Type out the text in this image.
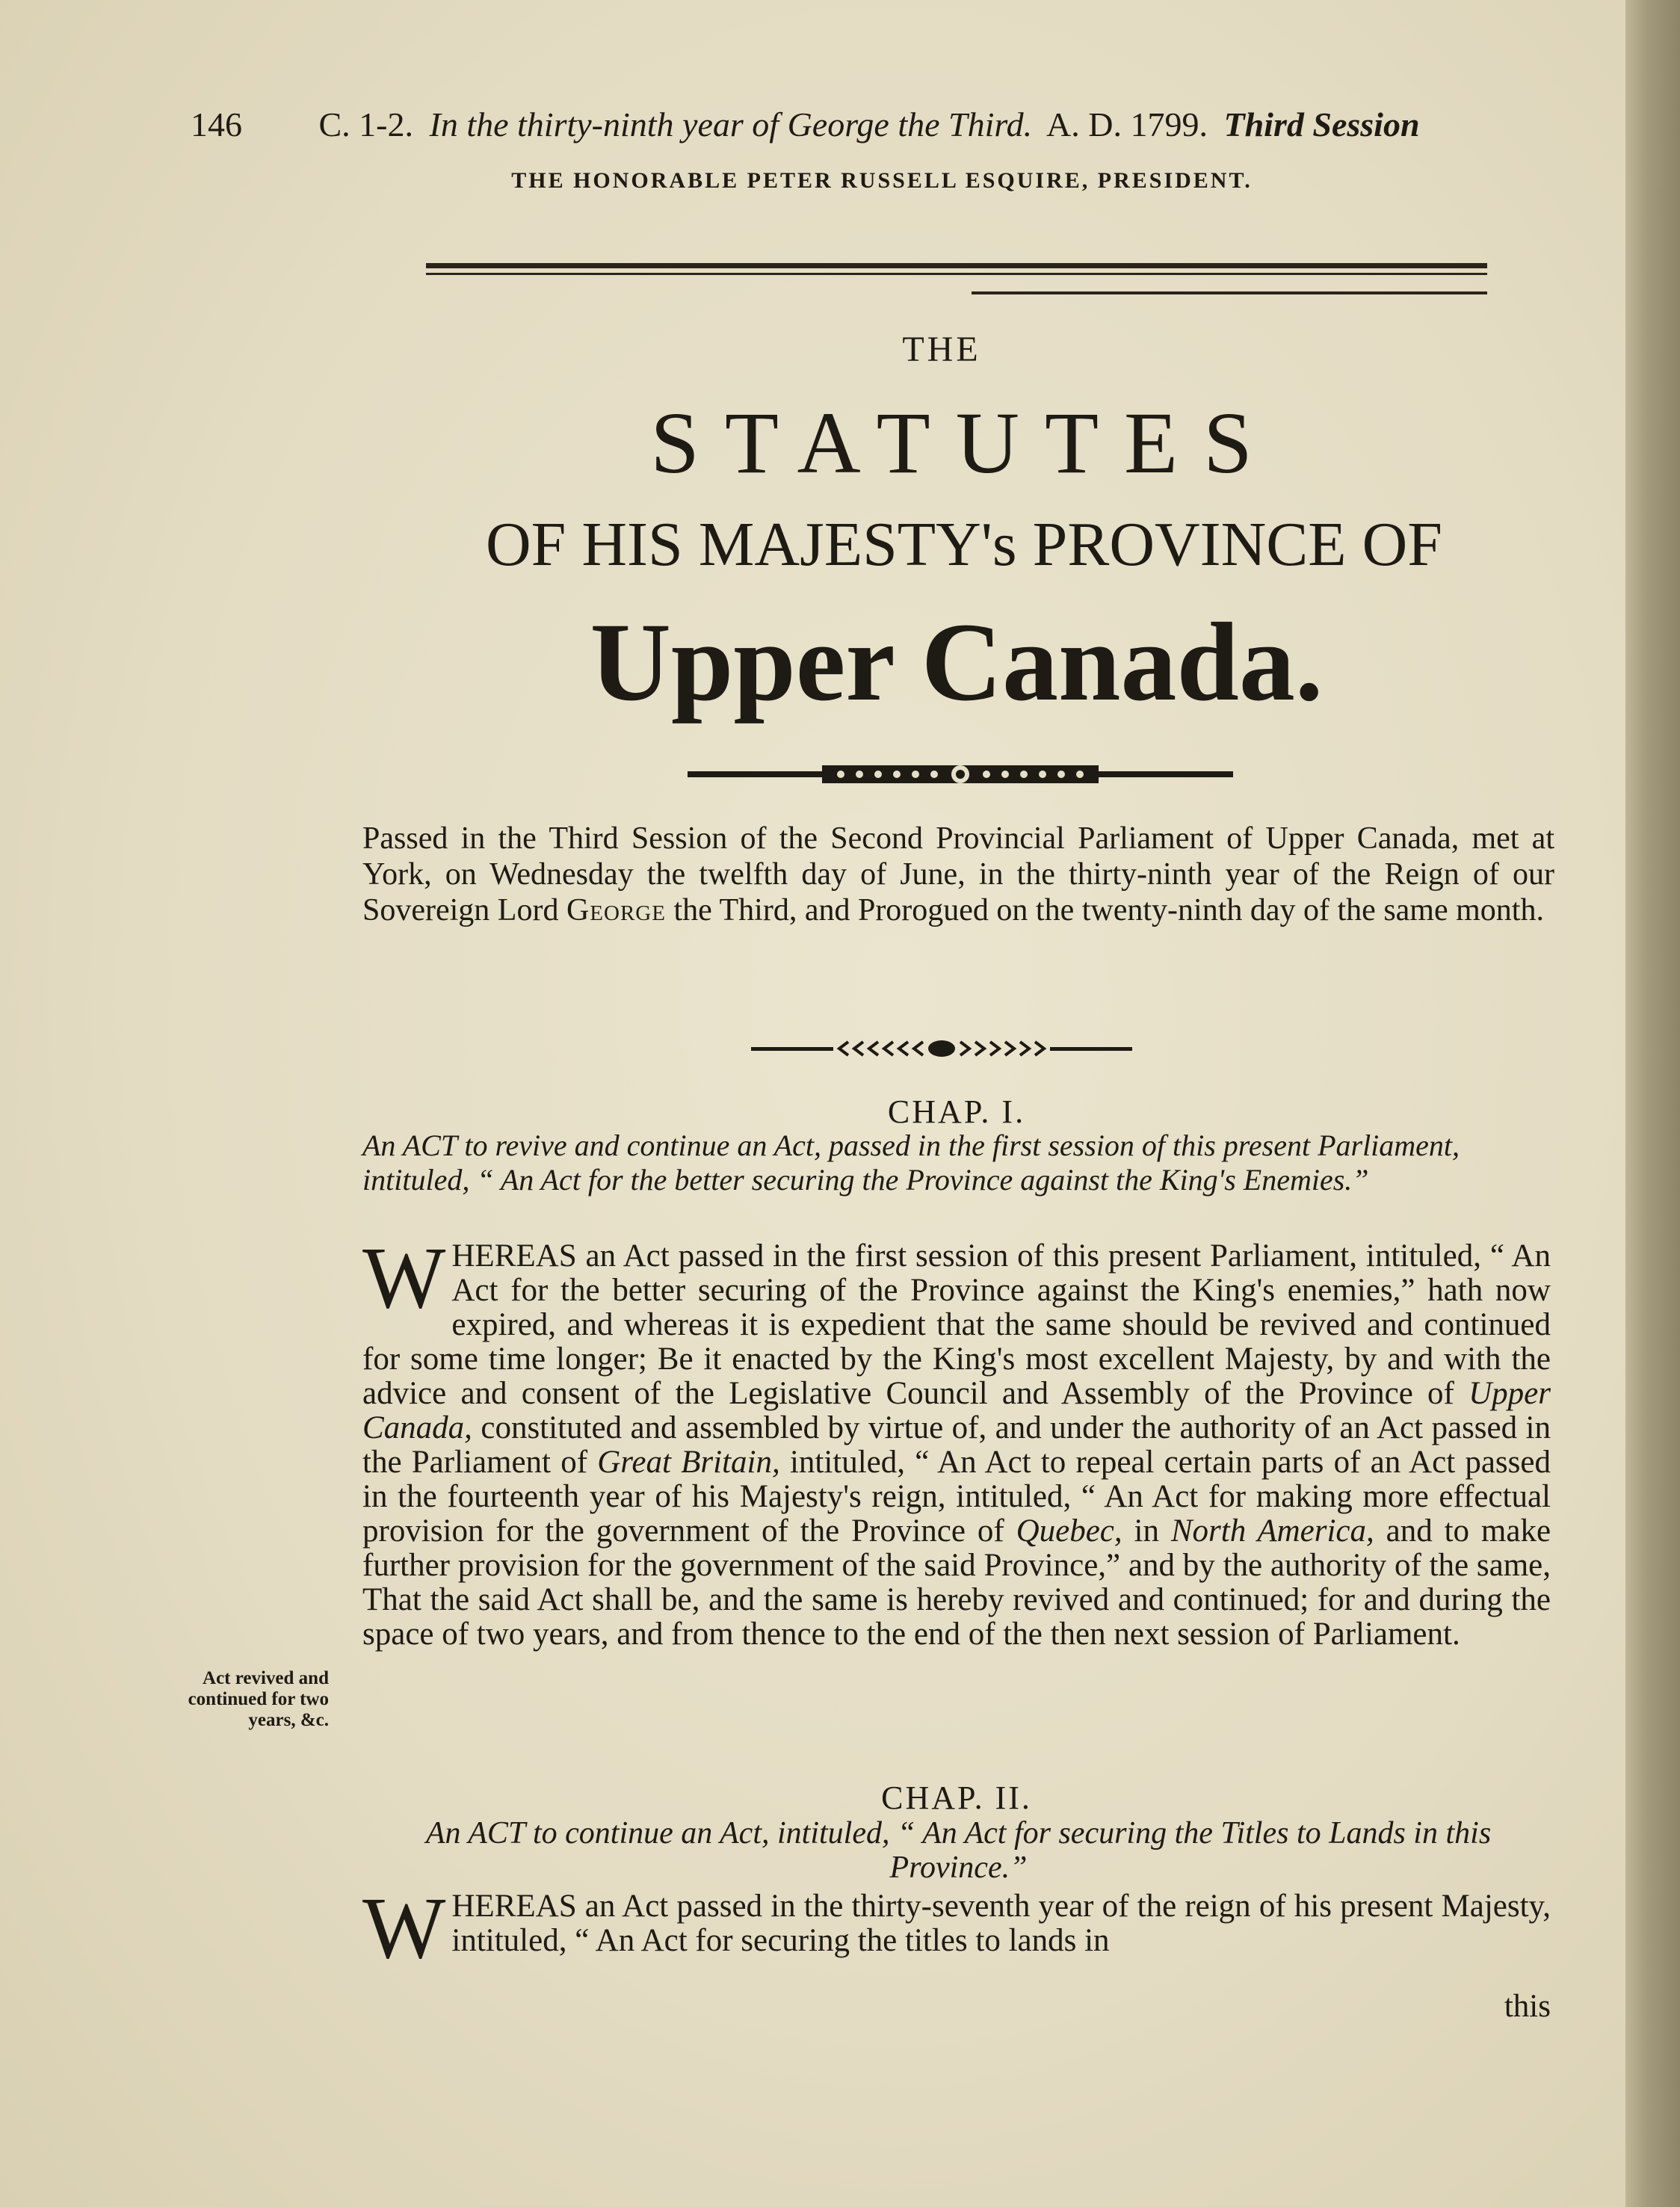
146 C. 1-2. In the thirty-ninth year of George the Third. A. D. 1799. Third Session
THE HONORABLE PETER RUSSELL ESQUIRE, PRESIDENT.
THE
STATUTES
OF HIS MAJESTY's PROVINCE OF
Upper Canada.
Passed in the Third Session of the Second Provincial Parliament of Upper Canada, met at York, on Wednesday the twelfth day of June, in the thirty-ninth year of the Reign of our Sovereign Lord George the Third, and Prorogued on the twenty-ninth day of the same month.
CHAP. I.
An ACT to revive and continue an Act, passed in the first session of this present Parliament, intituled, “ An Act for the better securing the Province against the King's Enemies.”
W HEREAS an Act passed in the first session of this present Parliament, intituled, “ An Act for the better securing of the Province against the King's enemies,” hath now expired, and whereas it is expedient that the same should be revived and continued for some time longer; Be it enacted by the King's most excellent Majesty, by and with the advice and consent of the Legislative Council and Assembly of the Province of Upper Canada, constituted and assembled by virtue of, and under the authority of an Act passed in the Parliament of Great Britain, intituled, “ An Act to repeal certain parts of an Act passed in the fourteenth year of his Majesty's reign, intituled, “ An Act for making more effectual provision for the government of the Province of Quebec, in North America, and to make further provision for the government of the said Province,” and by the authority of the same, That the said Act shall be, and the same is hereby revived and continued; for and during the space of two years, and from thence to the end of the then next session of Parliament.
Act revived and continued for two years, &c.
CHAP. II.
An ACT to continue an Act, intituled, “ An Act for securing the Titles to Lands in this Province.”
W HEREAS an Act passed in the thirty-seventh year of the reign of his present Majesty, intituled, “ An Act for securing the titles to lands in
this
